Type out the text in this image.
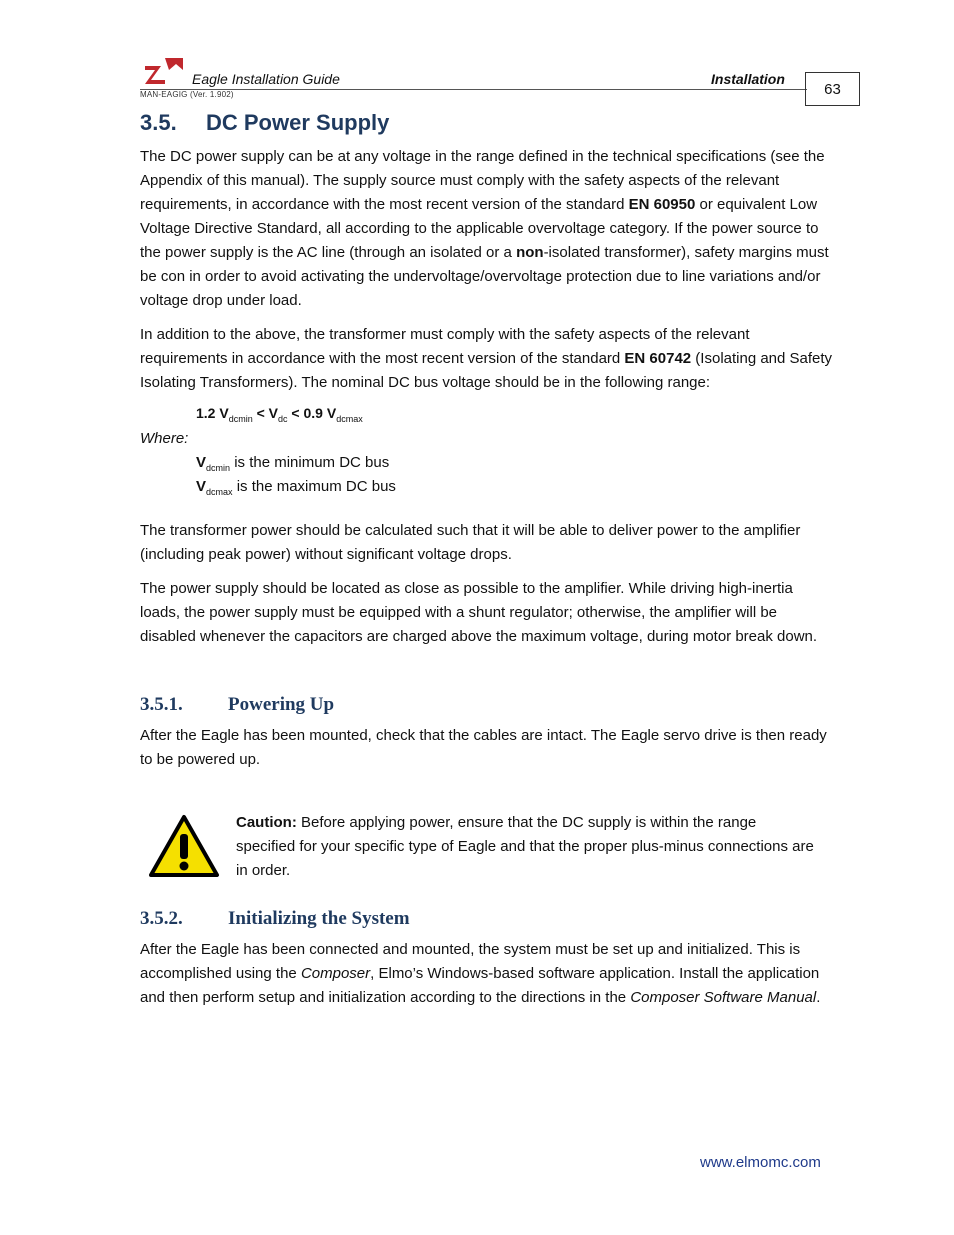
Eagle Installation Guide	Installation
MAN-EAGIG (Ver. 1.902)	63
3.5. DC Power Supply
The DC power supply can be at any voltage in the range defined in the technical specifications (see the Appendix of this manual). The supply source must comply with the safety aspects of the relevant requirements, in accordance with the most recent version of the standard EN 60950 or equivalent Low Voltage Directive Standard, all according to the applicable overvoltage category. If the power source to the power supply is the AC line (through an isolated or a non-isolated transformer), safety margins must be con in order to avoid activating the undervoltage/overvoltage protection due to line variations and/or voltage drop under load.
In addition to the above, the transformer must comply with the safety aspects of the relevant requirements in accordance with the most recent version of the standard EN 60742 (Isolating and Safety Isolating Transformers). The nominal DC bus voltage should be in the following range:
1.2 $V_{dcmin} < V_{dc} < 0.9$ $V_{dcmax}$
Where:
$V_{dcmin}$ is the minimum DC bus
$V_{dcmax}$ is the maximum DC bus
The transformer power should be calculated such that it will be able to deliver power to the amplifier (including peak power) without significant voltage drops.
The power supply should be located as close as possible to the amplifier. While driving high-inertia loads, the power supply must be equipped with a shunt regulator; otherwise, the amplifier will be disabled whenever the capacitors are charged above the maximum voltage, during motor break down.
3.5.1. Powering Up
After the Eagle has been mounted, check that the cables are intact. The Eagle servo drive is then ready to be powered up.
Caution: Before applying power, ensure that the DC supply is within the range specified for your specific type of Eagle and that the proper plus-minus connections are in order.
3.5.2. Initializing the System
After the Eagle has been connected and mounted, the system must be set up and initialized. This is accomplished using the Composer, Elmo’s Windows-based software application. Install the application and then perform setup and initialization according to the directions in the Composer Software Manual.
www.elmomc.com
